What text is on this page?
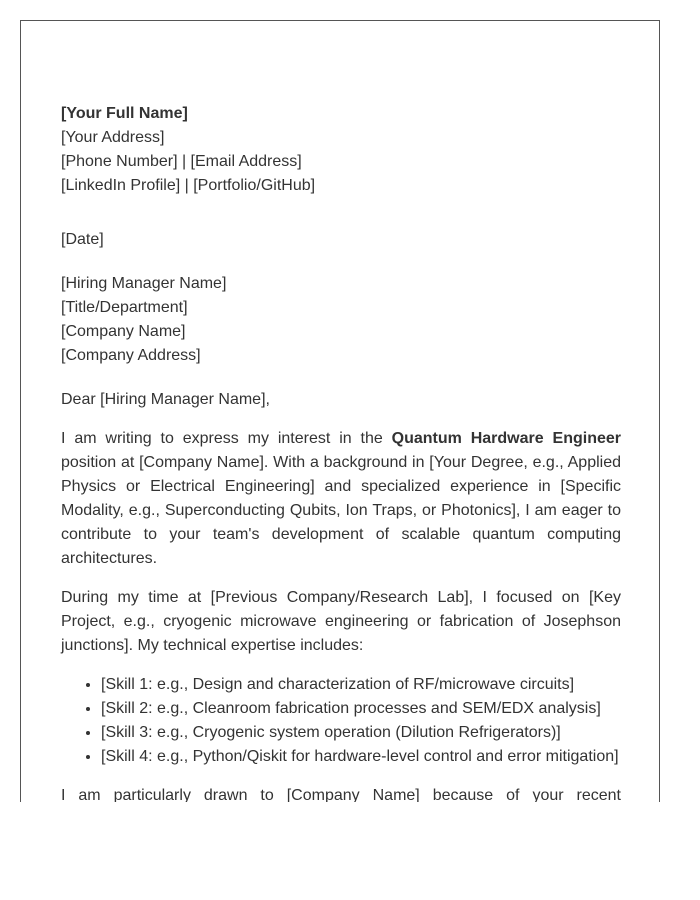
[Your Full Name]
[Your Address]
[Phone Number] | [Email Address]
[LinkedIn Profile] | [Portfolio/GitHub]
[Date]
[Hiring Manager Name]
[Title/Department]
[Company Name]
[Company Address]
Dear [Hiring Manager Name],

I am writing to express my interest in the Quantum Hardware Engineer position at [Company Name]. With a background in [Your Degree, e.g., Applied Physics or Electrical Engineering] and specialized experience in [Specific Modality, e.g., Superconducting Qubits, Ion Traps, or Photonics], I am eager to contribute to your team's development of scalable quantum computing architectures.

During my time at [Previous Company/Research Lab], I focused on [Key Project, e.g., cryogenic microwave engineering or fabrication of Josephson junctions]. My technical expertise includes:

• [Skill 1: e.g., Design and characterization of RF/microwave circuits]
• [Skill 2: e.g., Cleanroom fabrication processes and SEM/EDX analysis]
• [Skill 3: e.g., Cryogenic system operation (Dilution Refrigerators)]
• [Skill 4: e.g., Python/Qiskit for hardware-level control and error mitigation]

I am particularly drawn to [Company Name] because of your recent
